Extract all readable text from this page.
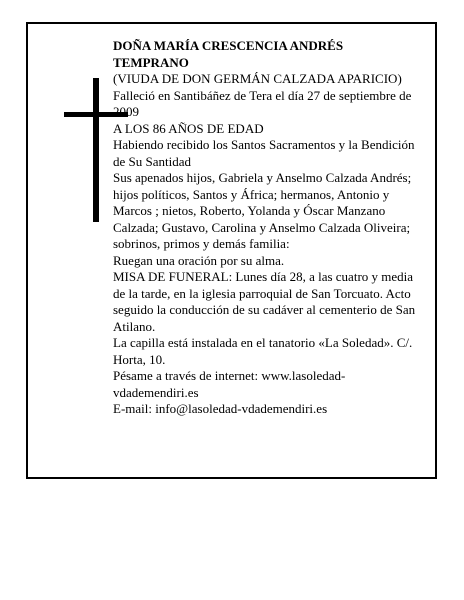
DOÑA MARÍA CRESCENCIA ANDRÉS
TEMPRANO

(VIUDA DE DON GERMÁN CALZADA APARICIO)

Falleció en Santibáñez de Tera el día 27 de septiembre de 2009

A LOS 86 AÑOS DE EDAD

Habiendo recibido los Santos Sacramentos y la Bendición de Su Santidad

Sus apenados hijos, Gabriela y Anselmo Calzada Andrés; hijos políticos, Santos y África; hermanos, Antonio y Marcos ; nietos, Roberto, Yolanda y Óscar Manzano Calzada; Gustavo, Carolina y Anselmo Calzada Oliveira; sobrinos, primos y demás familia:

Ruegan una oración por su alma.

MISA DE FUNERAL: Lunes día 28, a las cuatro y media de la tarde, en la iglesia parroquial de San Torcuato. Acto seguido la conducción de su cadáver al cementerio de San Atilano.

La capilla está instalada en el tanatorio «La Soledad». C/. Horta, 10.

Pésame a través de internet: www.lasoledad-vdademendiri.es

E-mail: info@lasoledad-vdademendiri.es
